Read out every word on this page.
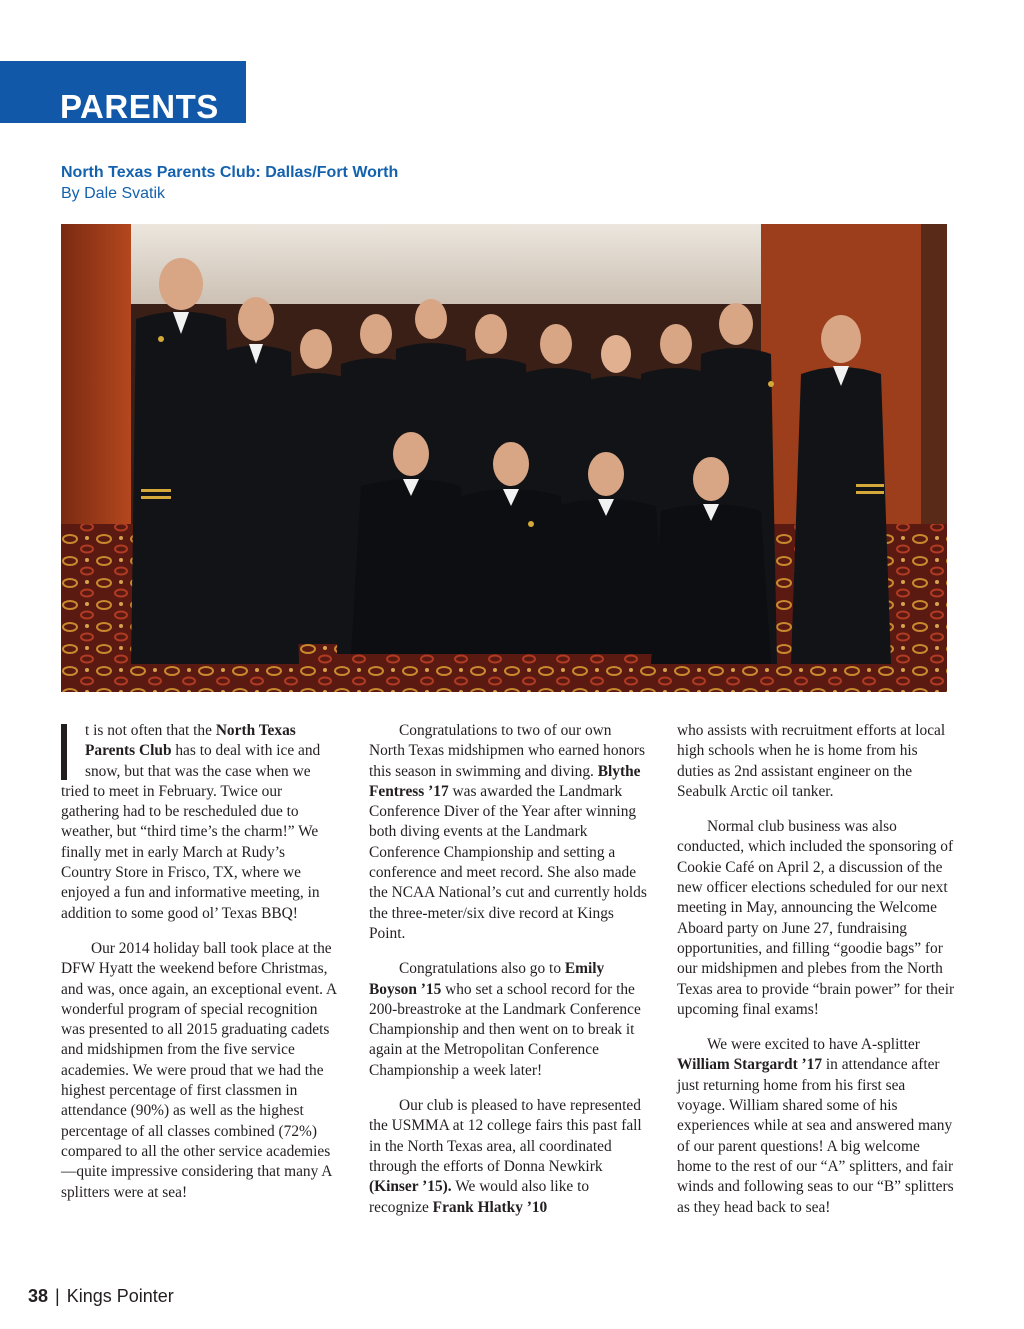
PARENTS
North Texas Parents Club: Dallas/Fort Worth
By Dale Svatik

t is not often that the North Texas Parents Club has to deal with ice and snow, but that was the case when we tried to meet in February. Twice our gathering had to be rescheduled due to weather, but “third time’s the charm!” We finally met in early March at Rudy’s Country Store in Frisco, TX, where we enjoyed a fun and informative meeting, in addition to some good ol’ Texas BBQ!

Our 2014 holiday ball took place at the DFW Hyatt the weekend before Christmas, and was, once again, an exceptional event. A wonderful program of special recognition was presented to all 2015 graduating cadets and midshipmen from the five service academies. We were proud that we had the highest percentage of first classmen in attendance (90%) as well as the highest percentage of all classes combined (72%) compared to all the other service academies—quite impressive considering that many A splitters were at sea!

Congratulations to two of our own North Texas midshipmen who earned honors this season in swimming and diving. Blythe Fentress ’17 was awarded the Landmark Conference Diver of the Year after winning both diving events at the Landmark Conference Championship and setting a conference and meet record. She also made the NCAA National’s cut and currently holds the three-meter/six dive record at Kings Point.

Congratulations also go to Emily Boyson ’15 who set a school record for the 200-breastroke at the Landmark Conference Championship and then went on to break it again at the Metropolitan Conference Championship a week later!

Our club is pleased to have represented the USMMA at 12 college fairs this past fall in the North Texas area, all coordinated through the efforts of Donna Newkirk (Kinser ’15). We would also like to recognize Frank Hlatky ’10

who assists with recruitment efforts at local high schools when he is home from his duties as 2nd assistant engineer on the Seabulk Arctic oil tanker.

Normal club business was also conducted, which included the sponsoring of Cookie Café on April 2, a discussion of the new officer elections scheduled for our next meeting in May, announcing the Welcome Aboard party on June 27, fundraising opportunities, and filling “goodie bags” for our midshipmen and plebes from the North Texas area to provide “brain power” for their upcoming final exams!

We were excited to have A-splitter William Stargardt ’17 in attendance after just returning home from his first sea voyage. William shared some of his experiences while at sea and answered many of our parent questions! A big welcome home to the rest of our “A” splitters, and fair winds and following seas to our “B” splitters as they head back to sea!

38 | Kings Pointer
